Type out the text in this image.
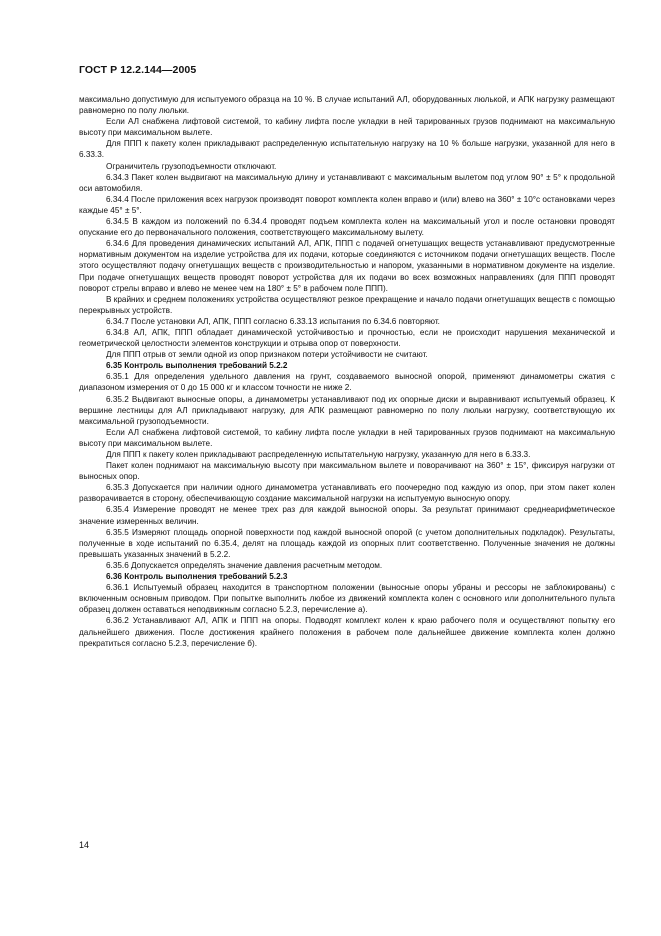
ГОСТ Р 12.2.144—2005

максимально допустимую для испытуемого образца на 10 %. В случае испытаний АЛ, оборудованных люлькой, и АПК нагрузку размещают равномерно по полу люльки.

Если АЛ снабжена лифтовой системой, то кабину лифта после укладки в ней тарированных грузов поднимают на максимальную высоту при максимальном вылете.

Для ППП к пакету колен прикладывают распределенную испытательную нагрузку на 10 % больше нагрузки, указанной для него в 6.33.3.

Ограничитель грузоподъемности отключают.

6.34.3 Пакет колен выдвигают на максимальную длину и устанавливают с максимальным вылетом под углом 90° ± 5° к продольной оси автомобиля.

6.34.4 После приложения всех нагрузок производят поворот комплекта колен вправо и (или) влево на 360° ± 10°с остановками через каждые 45° ± 5°.

6.34.5 В каждом из положений по 6.34.4 проводят подъем комплекта колен на максимальный угол и после остановки проводят опускание его до первоначального положения, соответствующего максимальному вылету.

6.34.6 Для проведения динамических испытаний АЛ, АПК, ППП с подачей огнетушащих веществ устанавливают предусмотренные нормативным документом на изделие устройства для их подачи, которые соединяются с источником подачи огнетушащих веществ. После этого осуществляют подачу огнетушащих веществ с производительностью и напором, указанными в нормативном документе на изделие. При подаче огнетушащих веществ проводят поворот устройства для их подачи во всех возможных направлениях (для ППП проводят поворот стрелы вправо и влево не менее чем на 180° ± 5° в рабочем поле ППП).

В крайних и среднем положениях устройства осуществляют резкое прекращение и начало подачи огнетушащих веществ с помощью перекрывных устройств.

6.34.7 После установки АЛ, АПК, ППП согласно 6.33.13 испытания по 6.34.6 повторяют.

6.34.8 АЛ, АПК, ППП обладает динамической устойчивостью и прочностью, если не происходит нарушения механической и геометрической целостности элементов конструкции и отрыва опор от поверхности.

Для ППП отрыв от земли одной из опор признаком потери устойчивости не считают.

6.35 Контроль выполнения требований 5.2.2

6.35.1 Для определения удельного давления на грунт, создаваемого выносной опорой, применяют динамометры сжатия с диапазоном измерения от 0 до 15 000 кг и классом точности не ниже 2.

6.35.2 Выдвигают выносные опоры, а динамометры устанавливают под их опорные диски и выравнивают испытуемый образец. К вершине лестницы для АЛ прикладывают нагрузку, для АПК размещают равномерно по полу люльки нагрузку, соответствующую их максимальной грузоподъемности.

Если АЛ снабжена лифтовой системой, то кабину лифта после укладки в ней тарированных грузов поднимают на максимальную высоту при максимальном вылете.

Для ППП к пакету колен прикладывают распределенную испытательную нагрузку, указанную для него в 6.33.3.

Пакет колен поднимают на максимальную высоту при максимальном вылете и поворачивают на 360° ± 15°, фиксируя нагрузки от выносных опор.

6.35.3 Допускается при наличии одного динамометра устанавливать его поочередно под каждую из опор, при этом пакет колен разворачивается в сторону, обеспечивающую создание максимальной нагрузки на испытуемую выносную опору.

6.35.4 Измерение проводят не менее трех раз для каждой выносной опоры. За результат принимают среднеарифметическое значение измеренных величин.

6.35.5 Измеряют площадь опорной поверхности под каждой выносной опорой (с учетом дополнительных подкладок). Результаты, полученные в ходе испытаний по 6.35.4, делят на площадь каждой из опорных плит соответственно. Полученные значения не должны превышать указанных значений в 5.2.2.

6.35.6 Допускается определять значение давления расчетным методом.

6.36 Контроль выполнения требований 5.2.3

6.36.1 Испытуемый образец находится в транспортном положении (выносные опоры убраны и рессоры не заблокированы) с включенным основным приводом. При попытке выполнить любое из движений комплекта колен с основного или дополнительного пульта образец должен оставаться неподвижным согласно 5.2.3, перечисление а).

6.36.2 Устанавливают АЛ, АПК и ППП на опоры. Подводят комплект колен к краю рабочего поля и осуществляют попытку его дальнейшего движения. После достижения крайнего положения в рабочем поле дальнейшее движение комплекта колен должно прекратиться согласно 5.2.3, перечисление б).

14
